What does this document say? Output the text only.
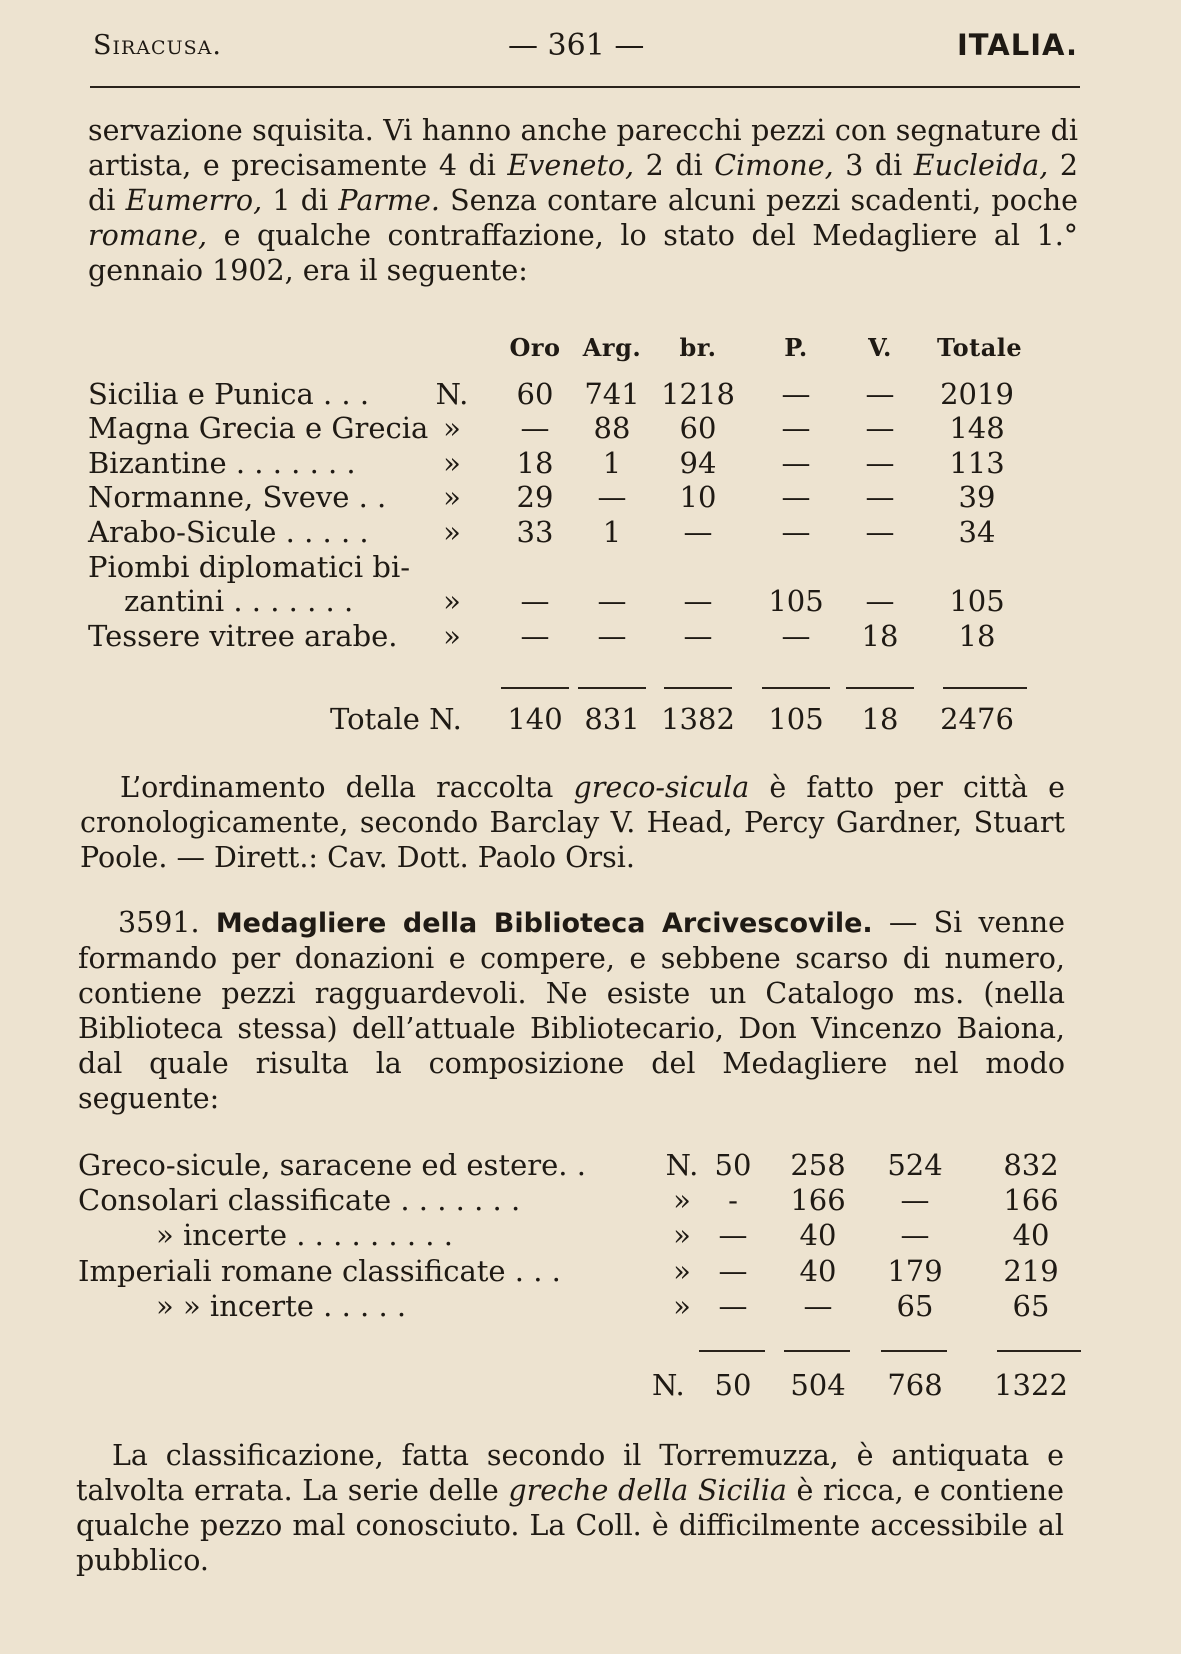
Siracusa.	— 361 —	ITALIA.
servazione squisita. Vi hanno anche parecchi pezzi con segnature di artista, e precisamente 4 di Eveneto, 2 di Cimone, 3 di Eucleida, 2 di Eumerro, 1 di Parme. Senza contare alcuni pezzi scadenti, poche romane, e qualche contraffazione, lo stato del Medagliere al 1.° gennaio 1902, era il seguente:
Oro Arg.	br.	P.	V.	Totale
Sicilia e Punica . . . N.	60	741 1218	—	—	2019
Magna Grecia e Grecia »	—	88	60	—	—	148
Bizantine . . . . . . .	»	18	1	94	—	—	113
Normanne, Sveve . .	»	29	—	10	—	—	39
Arabo-Sicule . . . . .	»	33	1	—	—	—	34
Piombi diplomatici bi-
zantini . . . . . . .	»	—	—	—	105	—	105
Tessere vitree arabe.	»	—	—	—	—	18	18
Totale N.	140 831 1382	105	18	2476
L’ordinamento della raccolta greco-sicula è fatto per città e cronologicamente, secondo Barclay V. Head, Percy Gardner, Stuart Poole. — Dirett.: Cav. Dott. Paolo Orsi.
3591. Medagliere della Biblioteca Arcivescovile. — Si venne formando per donazioni e compere, e sebbene scarso di numero, contiene pezzi ragguardevoli. Ne esiste un Catalogo ms. (nella Biblioteca stessa) dell’attuale Bibliotecario, Don Vincenzo Baiona, dal quale risulta la composizione del Medagliere nel modo seguente:
Greco-sicule, saracene ed estere. .	N. 50	258	524	832
Consolari classificate . . . . . . .	»	-	166	—	166
» incerte . . . . . . . . .	» —	40	—	40
Imperiali romane classificate . . .	» —	40	179	219
» » incerte . . . . .	» —	—	65	65
N.	50	504	768	1322
La classificazione, fatta secondo il Torremuzza, è antiquata e talvolta errata. La serie delle greche della Sicilia è ricca, e contiene qualche pezzo mal conosciuto. La Coll. è difficilmente accessibile al pubblico.
